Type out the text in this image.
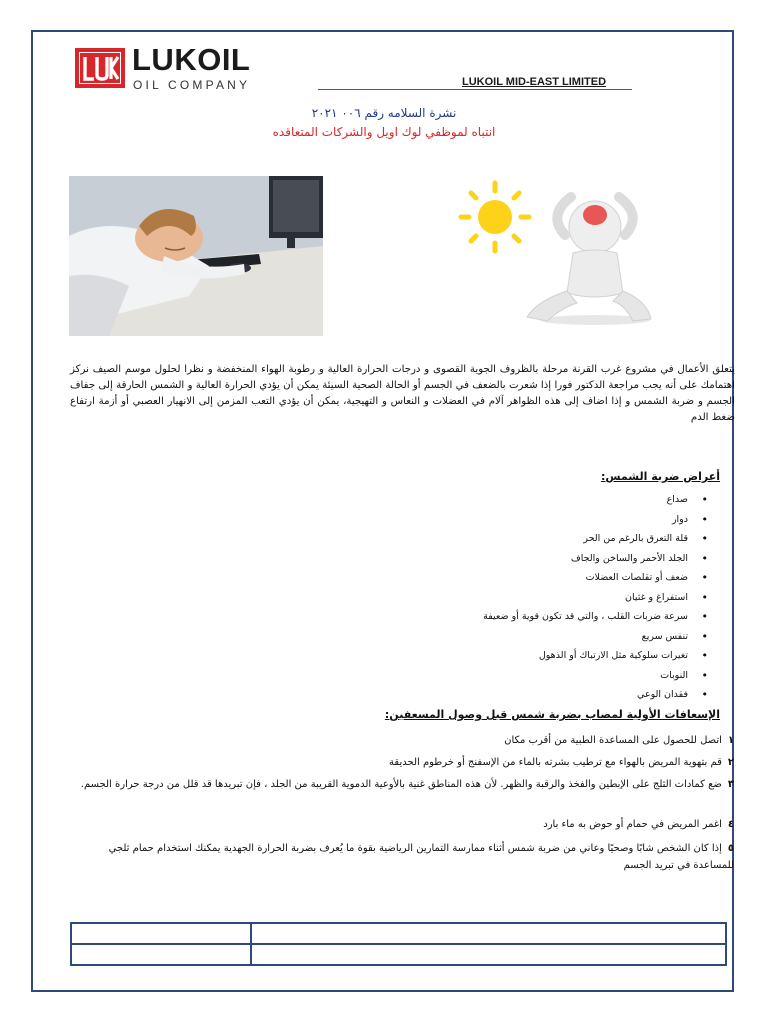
LUKOIL
OIL COMPANY	LUKOIL MID-EAST LIMITED
نشرة السلامه رقم ٠٠٦ ٢٠٢١
انتباه لموظفي لوك اويل والشركات المتعاقده
يتعلق الأعمال في مشروع غرب القرنة مرحلة بالظروف الجوية القصوى و درجات الحرارة العالية و رطوبة الهواء المنخفضة و نظرا لحلول موسم الصيف نركز اهتمامك على أنه يجب مراجعة الدكتور فورا إذا شعرت بالضعف في الجسم أو الحالة الصحية السيئة يمكن أن يؤدي الحرارة العالية و الشمس الحارقة إلى جفاف الجسم و ضربة الشمس و إذا اضاف إلى هذه الظواهر آلام في العضلات و النعاس و التهيجية، يمكن أن يؤدي التعب المزمن إلى الانهيار العصبي أو أزمة ارتفاع ضغط الدم
أعراض ضربة الشمس:
• صداع
• دوار
• قلة التعرق بالرغم من الحر
• الجلد الأحمر والساخن والجاف
• ضعف أو تقلصات العضلات
• استفراغ و غثيان
• سرعة ضربات القلب ، والتي قد تكون قوية أو ضعيفة
• تنفس سريع
• تغيرات سلوكية مثل الارتباك أو الذهول
• النوبات
• فقدان الوعي
الإسعافات الأولية لمصاب بضربة شمس قبل وصول المسعفين:
١اتصل للحصول على المساعدة الطبية من أقرب مكان
٢قم بتهوية المريض بالهواء مع ترطيب بشرته بالماء من الإسفنج أو خرطوم الحديقة
٣ضع كمادات الثلج على الإبطين والفخذ والرقبة والظهر. لأن هذه المناطق غنية بالأوعية الدموية القريبة من الجلد ، فإن تبريدها قد قلل من درجة حرارة الجسم.
٤اغمر المريض في حمام أو حوض به ماء بارد
٥إذا كان الشخص شابًا وصحيًا وعاني من ضربة شمس أثناء ممارسة التمارين الرياضية بقوة ما يُعرف بضربة الحرارة الجهدية يمكنك استخدام حمام ثلجي للمساعدة في تبريد الجسم
